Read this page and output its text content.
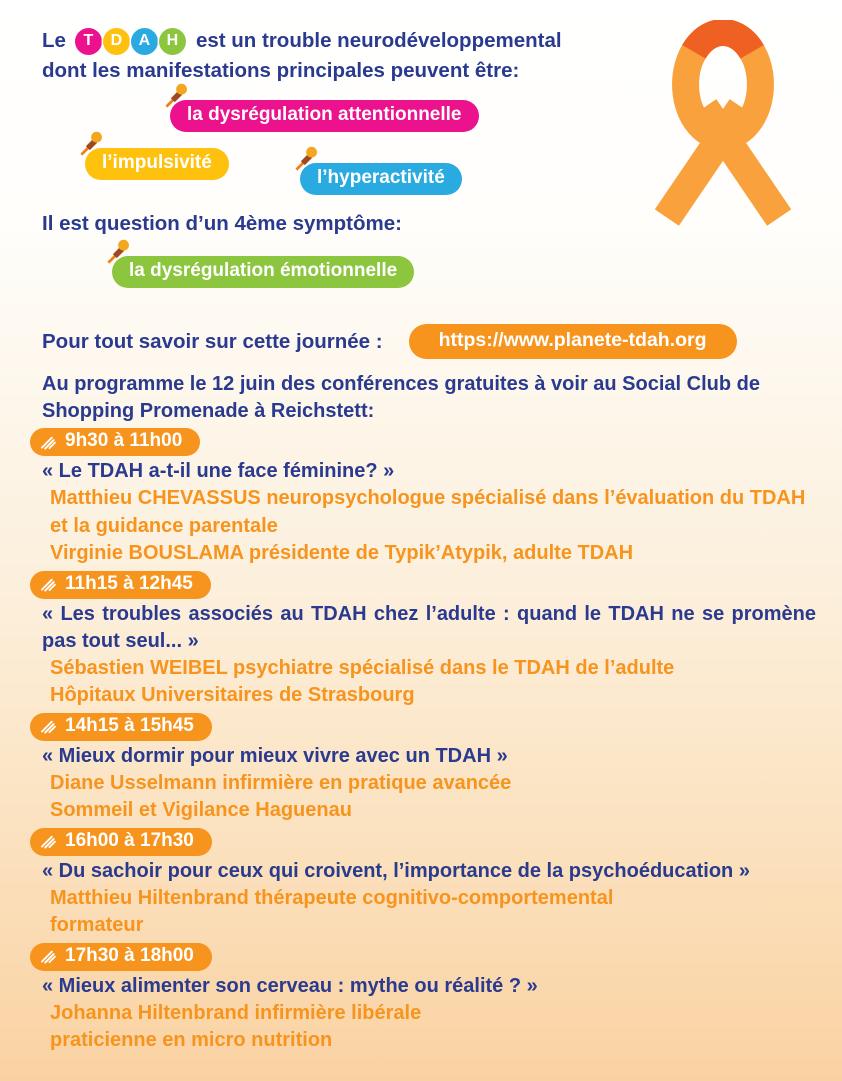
Le	T	D	A	H est un trouble neurodéveloppemental
dont les manifestations principales peuvent être:
la dysrégulation attentionnelle
l’impulsivité
l’hyperactivité
Il est question d’un 4ème symptôme:
la dysrégulation émotionnelle
Pour tout savoir sur cette journée :	https://www.planete-tdah.org
Au programme le 12 juin des conférences gratuites à voir au Social Club de Shopping Promenade à Reichstett:
9h30 à 11h00
« Le TDAH a-t-il une face féminine? »
Matthieu CHEVASSUS neuropsychologue spécialisé dans l’évaluation du TDAH et la guidance parentale
Virginie BOUSLAMA présidente de Typik’Atypik, adulte TDAH
11h15 à 12h45
« Les troubles associés au TDAH chez l’adulte : quand le TDAH ne se promène pas tout seul... »
Sébastien WEIBEL psychiatre spécialisé dans le TDAH de l’adulte
Hôpitaux Universitaires de Strasbourg
14h15 à 15h45
« Mieux dormir pour mieux vivre avec un TDAH »
Diane Usselmann infirmière en pratique avancée
Sommeil et Vigilance Haguenau
16h00 à 17h30
« Du sachoir pour ceux qui croivent, l’importance de la psychoéducation »
Matthieu Hiltenbrand thérapeute cognitivo-comportemental
formateur
17h30 à 18h00
« Mieux alimenter son cerveau : mythe ou réalité ? »
Johanna Hiltenbrand infirmière libérale
praticienne en micro nutrition
